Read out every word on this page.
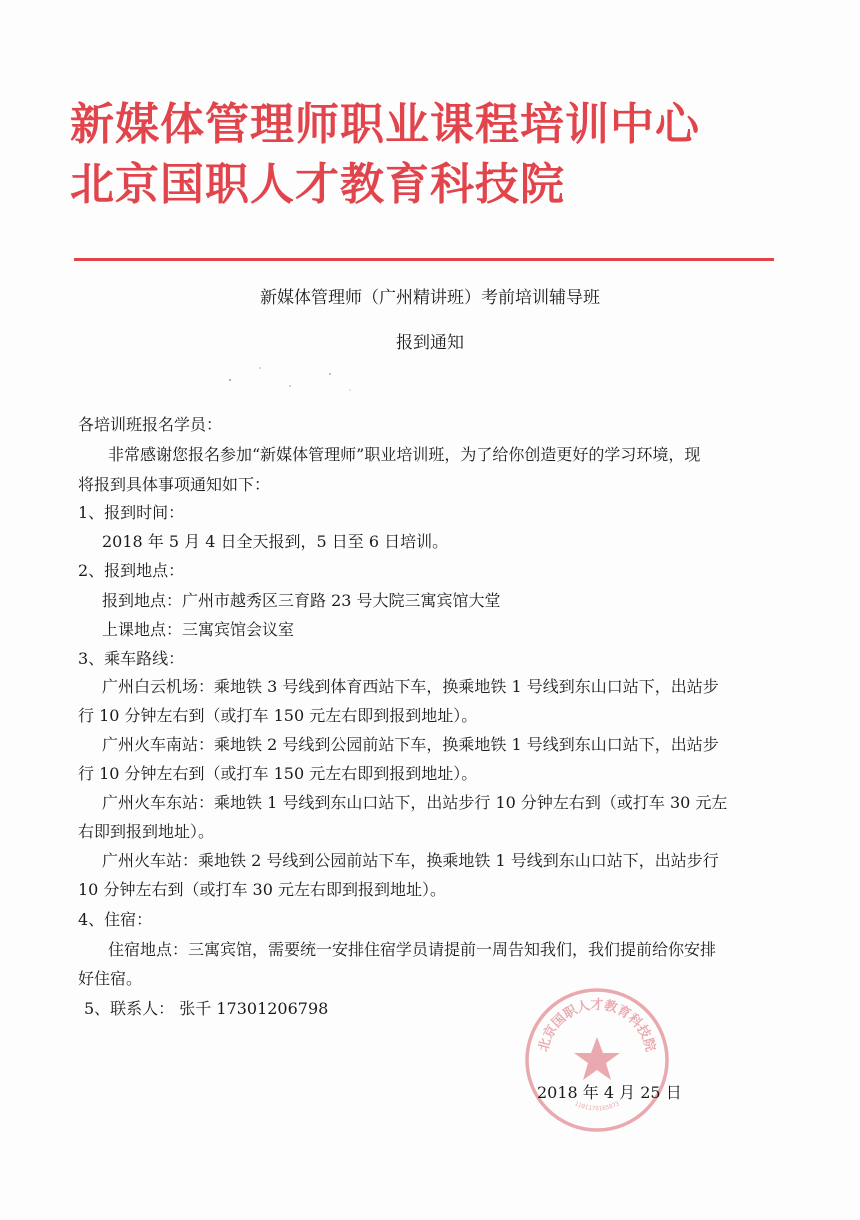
新媒体管理师职业课程培训中心
北京国职人才教育科技院
新媒体管理师（广州精讲班）考前培训辅导班
报到通知
各培训班报名学员：
非常感谢您报名参加“新媒体管理师”职业培训班，为了给你创造更好的学习环境，现
将报到具体事项通知如下：
1、报到时间：
2018 年 5 月 4 日全天报到，5 日至 6 日培训。
2、报到地点：
报到地点：广州市越秀区三育路 23 号大院三寓宾馆大堂
上课地点：三寓宾馆会议室
3、乘车路线：
广州白云机场：乘地铁 3 号线到体育西站下车，换乘地铁 1 号线到东山口站下，出站步
行 10 分钟左右到（或打车 150 元左右即到报到地址）。
广州火车南站：乘地铁 2 号线到公园前站下车，换乘地铁 1 号线到东山口站下，出站步
行 10 分钟左右到（或打车 150 元左右即到报到地址）。
广州火车东站：乘地铁 1 号线到东山口站下，出站步行 10 分钟左右到（或打车 30 元左
右即到报到地址）。
广州火车站：乘地铁 2 号线到公园前站下车，换乘地铁 1 号线到东山口站下，出站步行
10 分钟左右到（或打车 30 元左右即到报到地址）。
4、住宿：
住宿地点：三寓宾馆，需要统一安排住宿学员请提前一周告知我们，我们提前给你安排
好住宿。
5、联系人： 张千 17301206798
北京国职人才教育科技院
1101170165873
2018 年 4 月 25 日
